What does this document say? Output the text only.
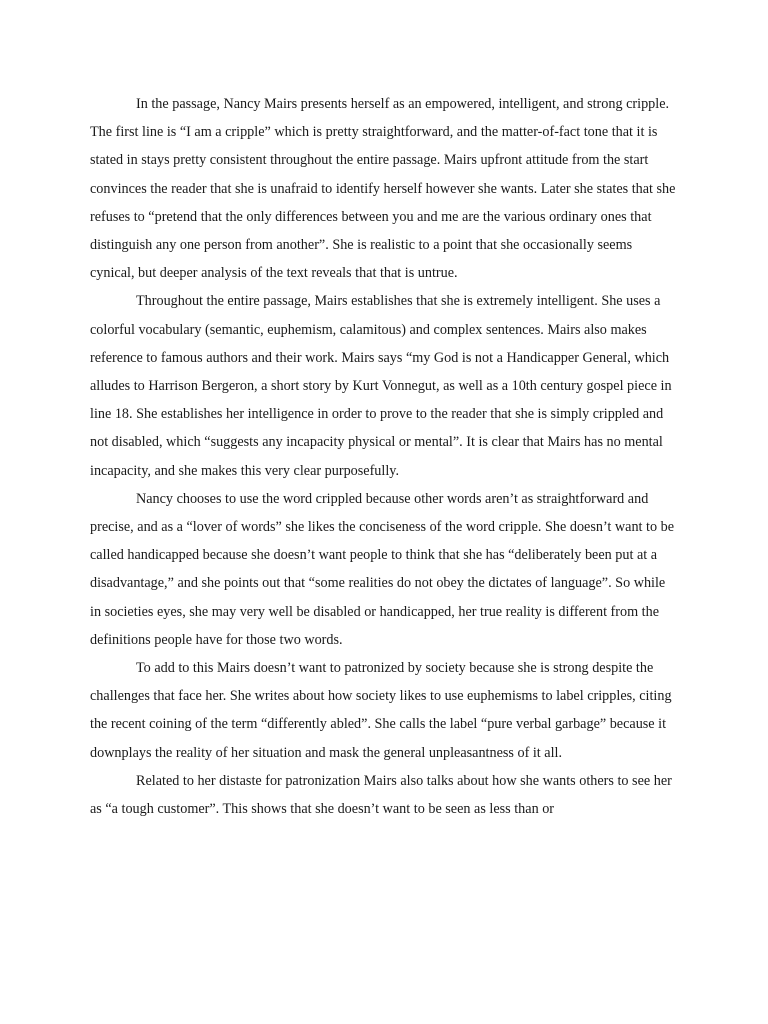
In the passage, Nancy Mairs presents herself as an empowered, intelligent, and strong cripple. The first line is “I am a cripple” which is pretty straightforward, and the matter-of-fact tone that it is stated in stays pretty consistent throughout the entire passage. Mairs upfront attitude from the start convinces the reader that she is unafraid to identify herself however she wants. Later she states that she refuses to “pretend that the only differences between you and me are the various ordinary ones that distinguish any one person from another”. She is realistic to a point that she occasionally seems cynical, but deeper analysis of the text reveals that that is untrue.

Throughout the entire passage, Mairs establishes that she is extremely intelligent. She uses a colorful vocabulary (semantic, euphemism, calamitous) and complex sentences. Mairs also makes reference to famous authors and their work. Mairs says “my God is not a Handicapper General, which alludes to Harrison Bergeron, a short story by Kurt Vonnegut, as well as a 10th century gospel piece in line 18. She establishes her intelligence in order to prove to the reader that she is simply crippled and not disabled, which “suggests any incapacity physical or mental”. It is clear that Mairs has no mental incapacity, and she makes this very clear purposefully.

Nancy chooses to use the word crippled because other words aren’t as straightforward and precise, and as a “lover of words” she likes the conciseness of the word cripple. She doesn’t want to be called handicapped because she doesn’t want people to think that she has “deliberately been put at a disadvantage,” and she points out that “some realities do not obey the dictates of language”. So while in societies eyes, she may very well be disabled or handicapped, her true reality is different from the definitions people have for those two words.

To add to this Mairs doesn’t want to patronized by society because she is strong despite the challenges that face her. She writes about how society likes to use euphemisms to label cripples, citing the recent coining of the term “differently abled”. She calls the label “pure verbal garbage” because it downplays the reality of her situation and mask the general unpleasantness of it all.

Related to her distaste for patronization Mairs also talks about how she wants others to see her as “a tough customer”. This shows that she doesn’t want to be seen as less than or
